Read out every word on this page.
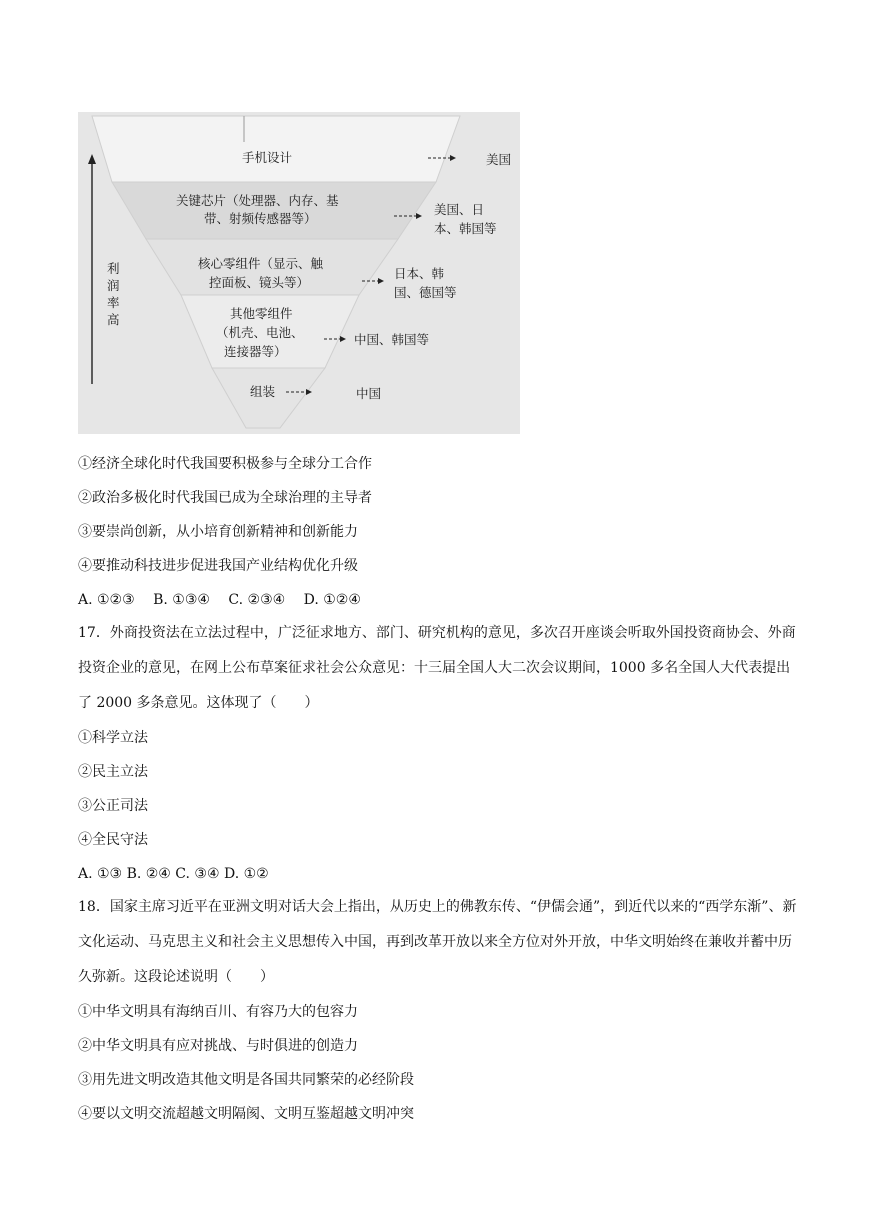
利
润
率
高
手机设计	美国
关键芯片（处理器、内存、基
带、射频传感器等）
美国、日
本、韩国等
核心零组件（显示、触
控面板、镜头等）
日本、韩
国、德国等
其他零组件
（机壳、电池、
连接器等）
中国、韩国等
组装	中国
①经济全球化时代我国要积极参与全球分工合作
②政治多极化时代我国已成为全球治理的主导者
③要崇尚创新，从小培育创新精神和创新能力
④要推动科技进步促进我国产业结构优化升级
A. ①②③　 B. ①③④　 C. ②③④　 D. ①②④
17．外商投资法在立法过程中，广泛征求地方、部门、研究机构的意见，多次召开座谈会听取外国投资商协会、外商投资企业的意见，在网上公布草案征求社会公众意见：十三届全国人大二次会议期间，1000 多名全国人大代表提出了 2000 多条意见。这体现了（　　）
①科学立法
②民主立法
③公正司法
④全民守法
A. ①③ B. ②④ C. ③④ D. ①②
18．国家主席习近平在亚洲文明对话大会上指出，从历史上的佛教东传、“伊儒会通”，到近代以来的“西学东渐”、新文化运动、马克思主义和社会主义思想传入中国，再到改革开放以来全方位对外开放，中华文明始终在兼收并蓄中历久弥新。这段论述说明（　　）
①中华文明具有海纳百川、有容乃大的包容力
②中华文明具有应对挑战、与时俱进的创造力
③用先进文明改造其他文明是各国共同繁荣的必经阶段
④要以文明交流超越文明隔阂、文明互鉴超越文明冲突
